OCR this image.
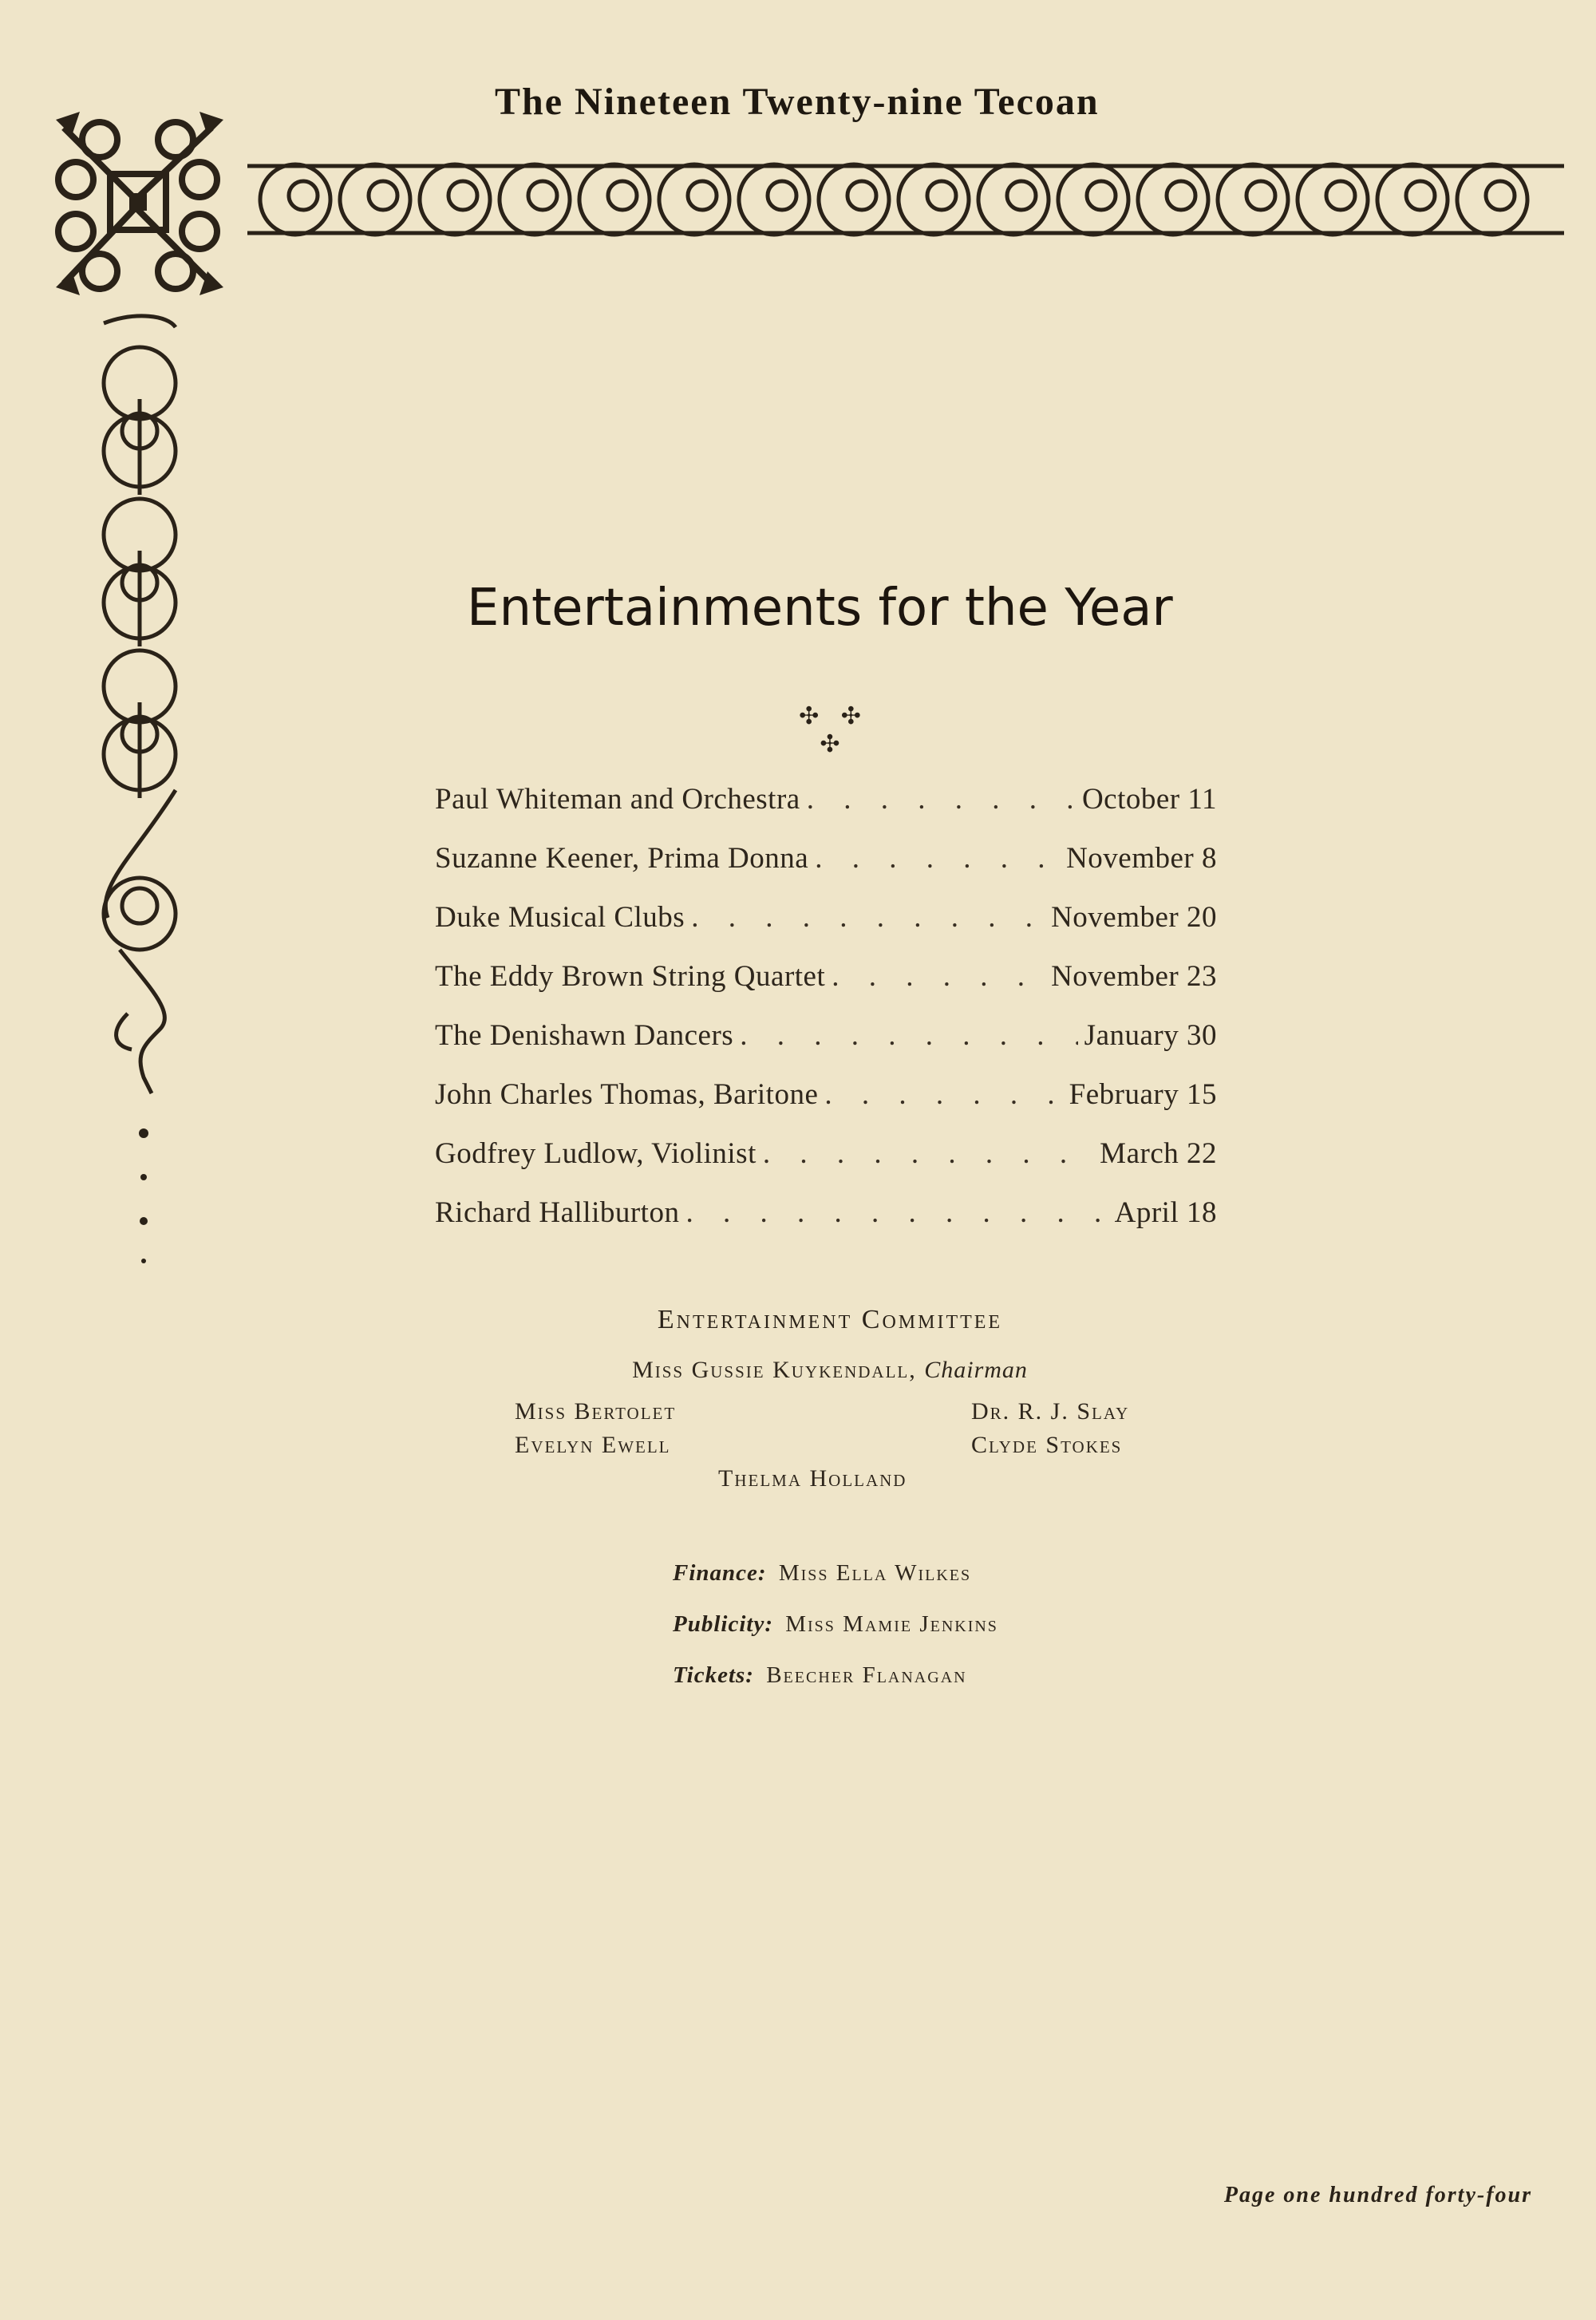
The Nineteen Twenty-nine Tecoan
Entertainments for the Year
✣ ✣ ✣
Paul Whiteman and Orchestra . . .	October 11
Suzanne Keener, Prima Donna . . .	November 8
Duke Musical Clubs . . .	November 20
The Eddy Brown String Quartet . . .	November 23
The Denishawn Dancers . . .	January 30
John Charles Thomas, Baritone . . .	February 15
Godfrey Ludlow, Violinist . . .	March 22
Richard Halliburton . . .	April 18
Entertainment Committee
Miss Gussie Kuykendall, Chairman
Miss Bertolet	Dr. R. J. Slay
Evelyn Ewell	Clyde Stokes
Thelma Holland
Finance: Miss Ella Wilkes
Publicity: Miss Mamie Jenkins
Tickets: Beecher Flanagan
Page one hundred forty-four
